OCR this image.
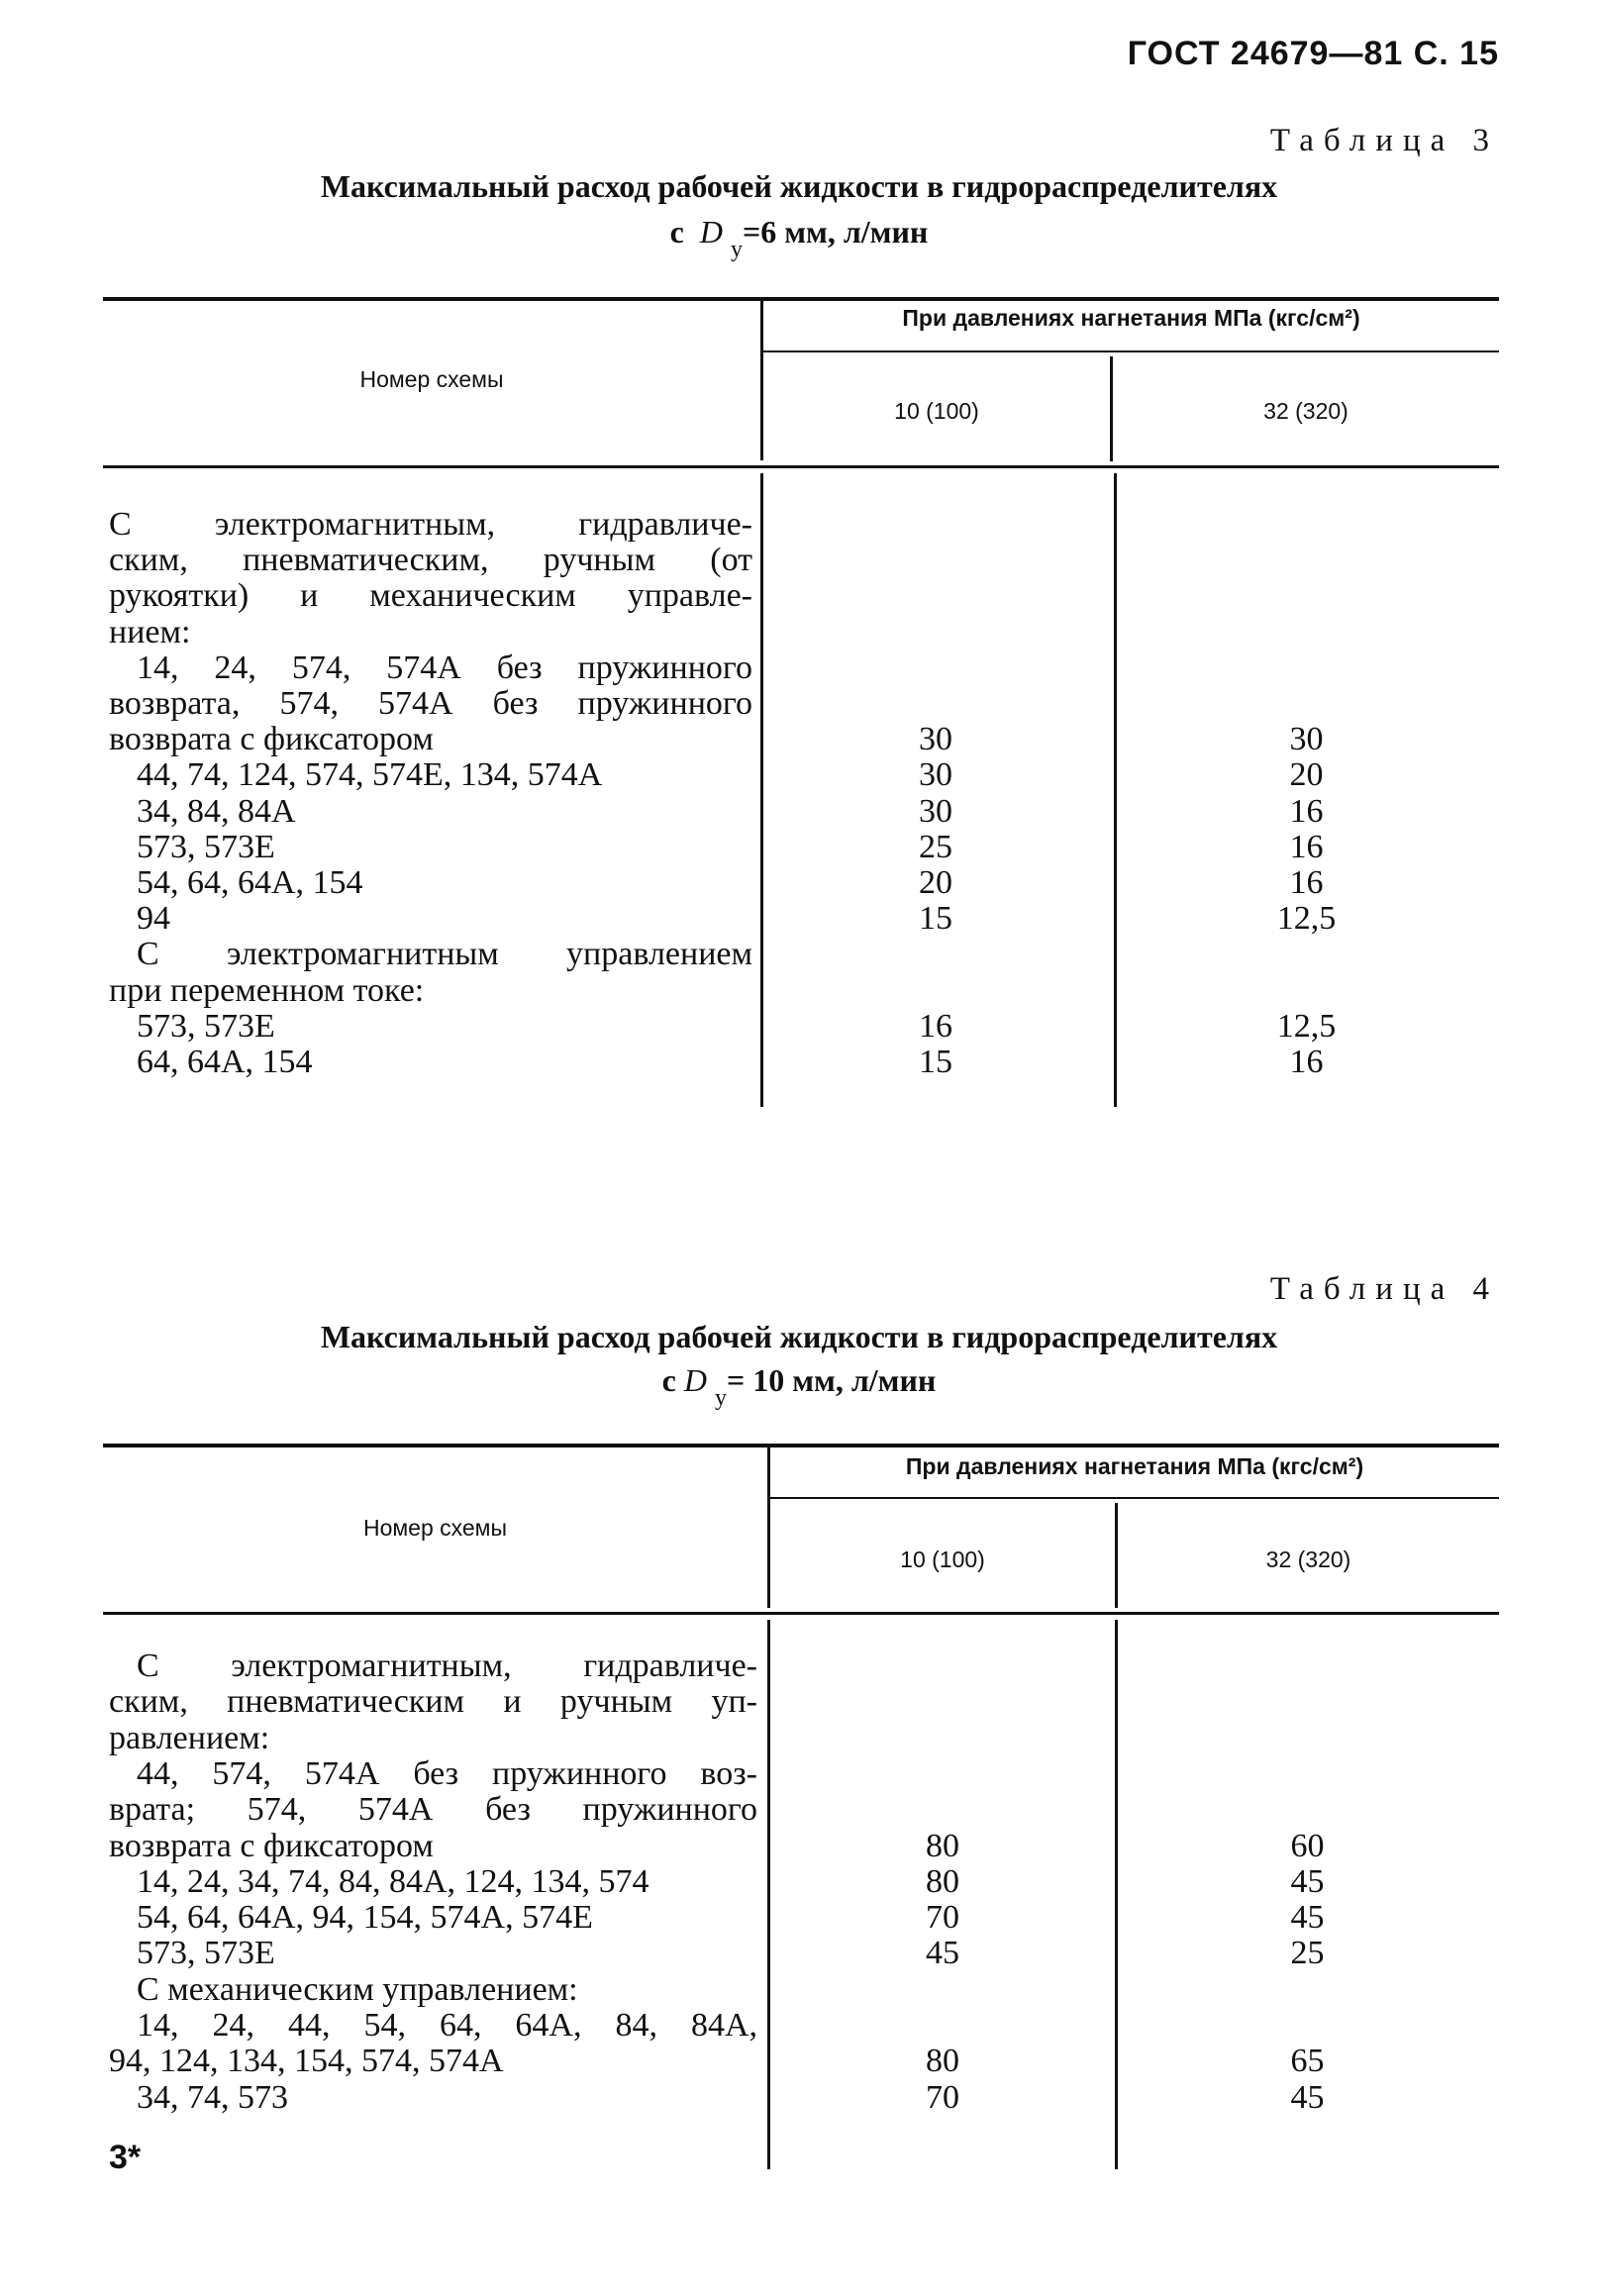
ГОСТ 24679—81 С. 15
Таблица 3
Максимальный расход рабочей жидкости в гидрораспределителях
с D $_у$=6 мм, л/мин
Номер схемы
При давлениях нагнетания МПа (кгс/см²)
10 (100)	32 (320)
С электромагнитным, гидравличе-
ским, пневматическим, ручным (от
рукоятки) и механическим управле-
нием:
14, 24, 574, 574А без пружинного
возврата, 574, 574А без пружинного
возврата с фиксатором	30	30
44, 74, 124, 574, 574Е, 134, 574А	30	20
34, 84, 84А	30	16
573, 573Е	25	16
54, 64, 64А, 154	20	16
94	15	12,5
С электромагнитным управлением
при переменном токе:
573, 573Е	16	12,5
64, 64А, 154	15	16
Таблица 4
Максимальный расход рабочей жидкости в гидрораспределителях
с D $_у$= 10 мм, л/мин
Номер схемы
При давлениях нагнетания МПа (кгс/см²)
10 (100)	32 (320)
С электромагнитным, гидравличе-
ским, пневматическим и ручным уп-
равлением:
44, 574, 574А без пружинного воз-
врата; 574, 574А без пружинного
возврата с фиксатором	80	60
14, 24, 34, 74, 84, 84А, 124, 134, 574	80	45
54, 64, 64А, 94, 154, 574А, 574Е	70	45
573, 573Е	45	25
С механическим управлением:
14, 24, 44, 54, 64, 64А, 84, 84А,
94, 124, 134, 154, 574, 574А	80	65
34, 74, 573	70	45
3*
